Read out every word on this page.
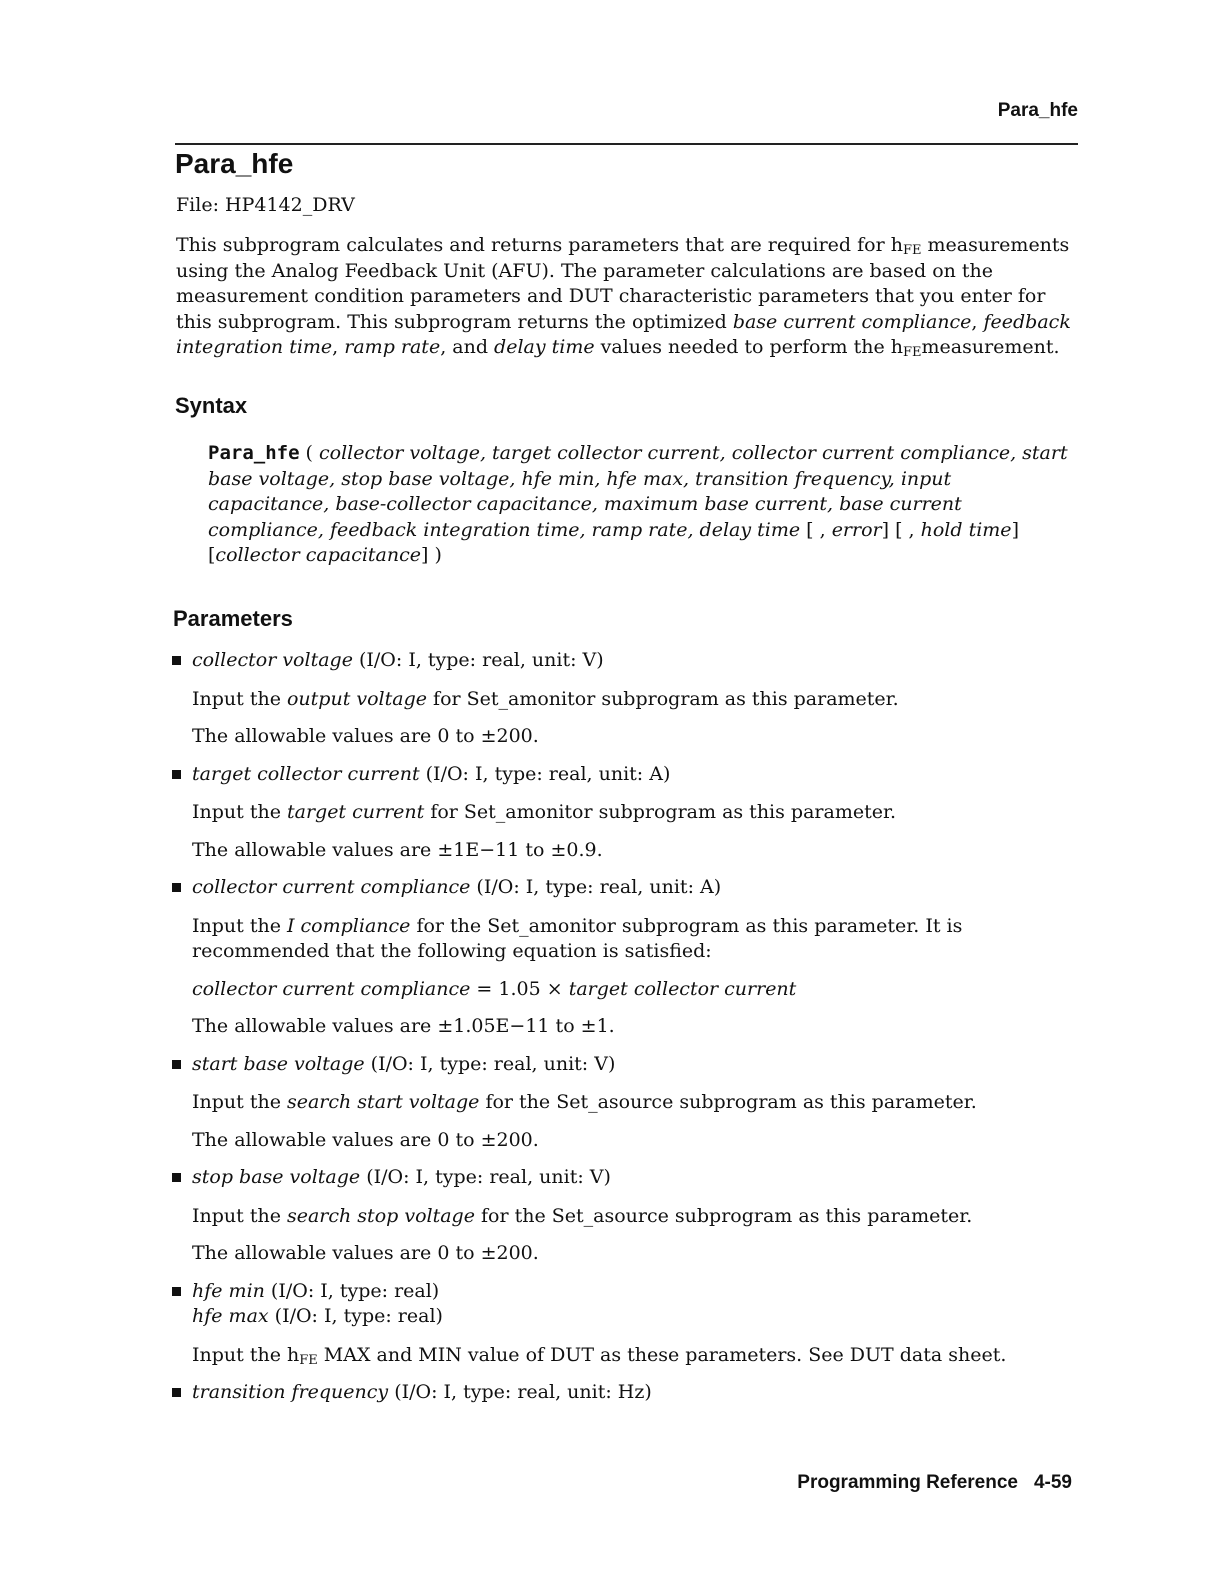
Para_hfe
Para_hfe
File: HP4142_DRV
This subprogram calculates and returns parameters that are required for $h_{FE}$ measurements using the Analog Feedback Unit (AFU). The parameter calculations are based on the measurement condition parameters and DUT characteristic parameters that you enter for this subprogram. This subprogram returns the optimized base current compliance, feedback integration time, ramp rate, and delay time values needed to perform the $h_{FE}measurement$.
Syntax
Para_hfe ( collector voltage, target collector current, collector current compliance, start base voltage, stop base voltage, hfe min, hfe max, transition frequency, input capacitance, base-collector capacitance, maximum base current, base current compliance, feedback integration time, ramp rate, delay time [ , error] [ , hold time]
[collector capacitance] )
Parameters
collector voltage (I/O: I, type: real, unit: V)
Input the output voltage for Set_amonitor subprogram as this parameter.
The allowable values are 0 to ±200.
target collector current (I/O: I, type: real, unit: A)
Input the target current for Set_amonitor subprogram as this parameter.
The allowable values are ±1E−11 to ±0.9.
collector current compliance (I/O: I, type: real, unit: A)
Input the I compliance for the Set_amonitor subprogram as this parameter. It is recommended that the following equation is satisfied:
collector current compliance = 1.05 × target collector current
The allowable values are ±1.05E−11 to ±1.
start base voltage (I/O: I, type: real, unit: V)
Input the search start voltage for the Set_asource subprogram as this parameter.
The allowable values are 0 to ±200.
stop base voltage (I/O: I, type: real, unit: V)
Input the search stop voltage for the Set_asource subprogram as this parameter.
The allowable values are 0 to ±200.
hfe min (I/O: I, type: real)
hfe max (I/O: I, type: real)
Input the $h_{FE}$ MAX and MIN value of DUT as these parameters. See DUT data sheet.
transition frequency (I/O: I, type: real, unit: Hz)
Programming Reference 4-59
